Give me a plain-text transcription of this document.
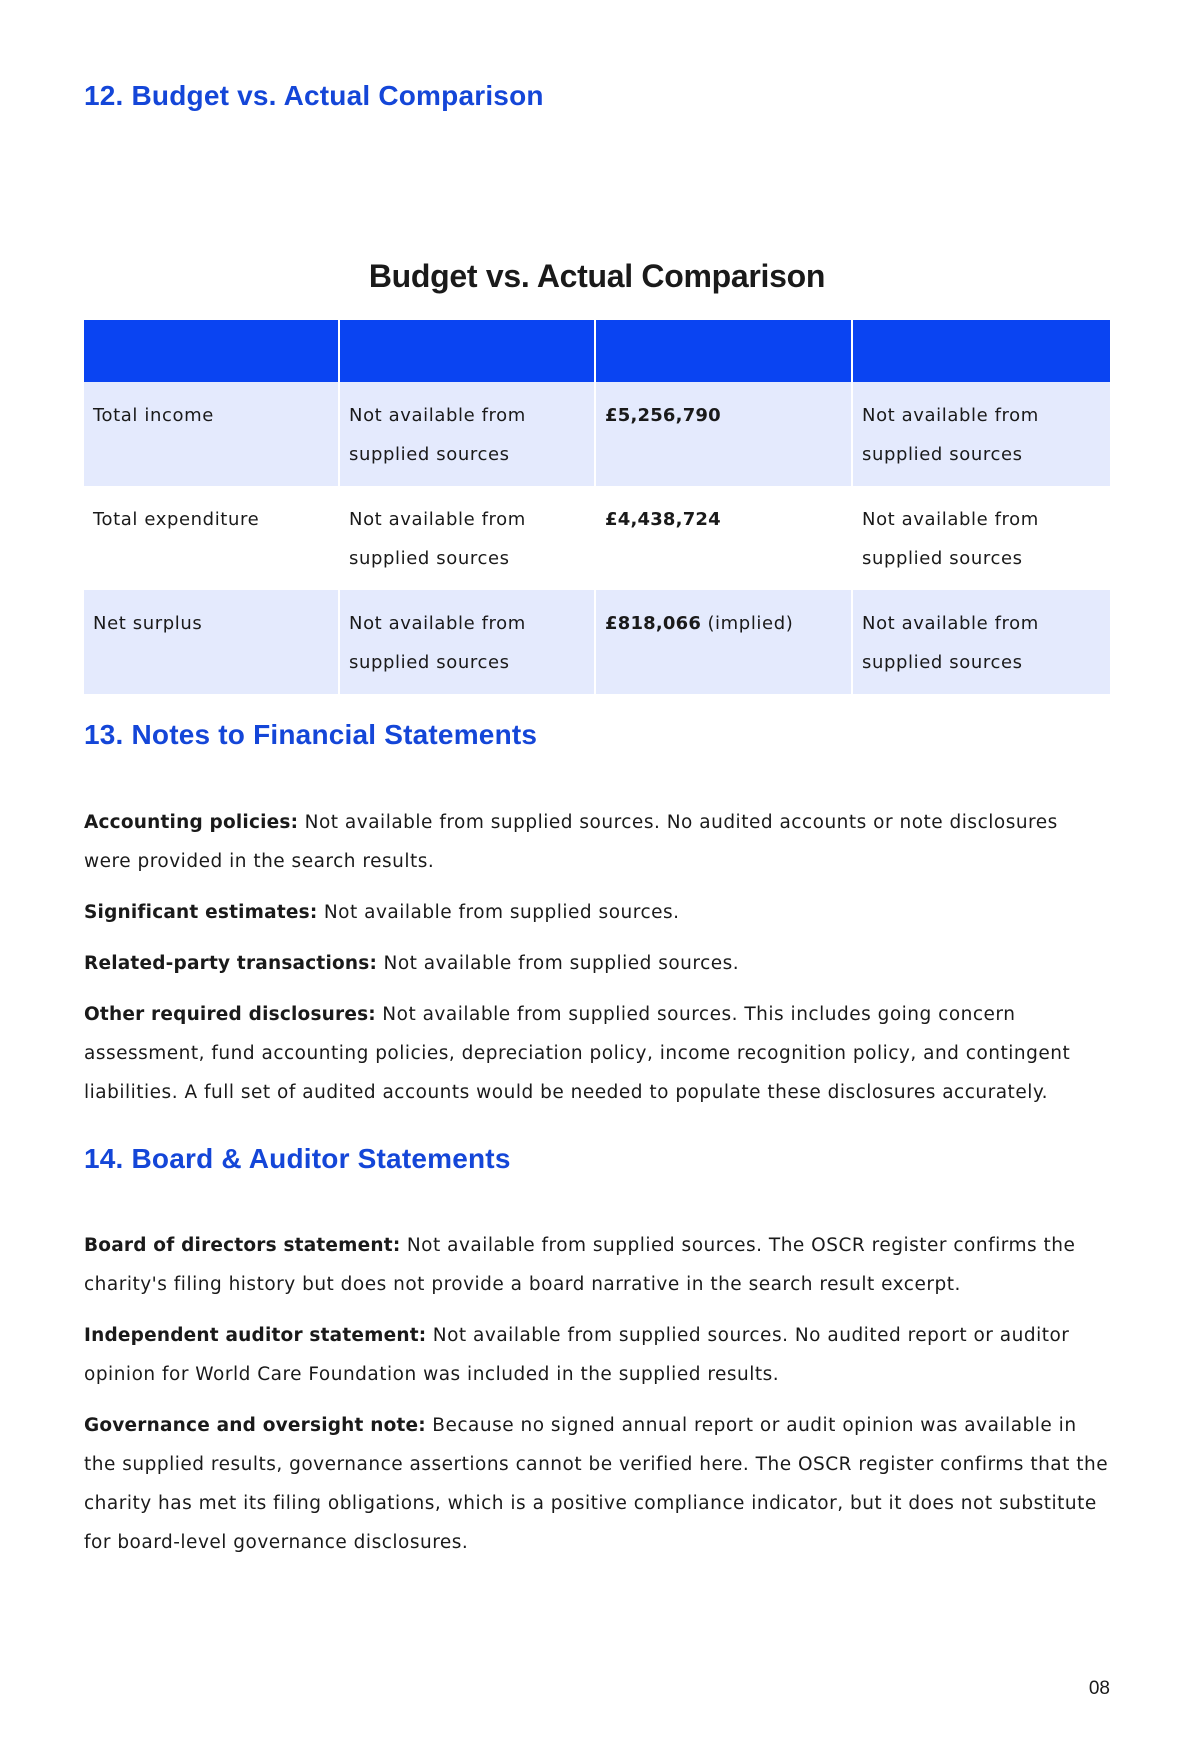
12. Budget vs. Actual Comparison
Budget vs. Actual Comparison

Total income	Not available from supplied sources	£5,256,790	Not available from supplied sources
Total expenditure	Not available from supplied sources	£4,438,724	Not available from supplied sources
Net surplus	Not available from supplied sources	£818,066 (implied)	Not available from supplied sources
13. Notes to Financial Statements

Accounting policies: Not available from supplied sources. No audited accounts or note disclosures were provided in the search results.

Significant estimates: Not available from supplied sources.

Related-party transactions: Not available from supplied sources.

Other required disclosures: Not available from supplied sources. This includes going concern assessment, fund accounting policies, depreciation policy, income recognition policy, and contingent liabilities. A full set of audited accounts would be needed to populate these disclosures accurately.

14. Board & Auditor Statements

Board of directors statement: Not available from supplied sources. The OSCR register confirms the charity's filing history but does not provide a board narrative in the search result excerpt.

Independent auditor statement: Not available from supplied sources. No audited report or auditor opinion for World Care Foundation was included in the supplied results.

Governance and oversight note: Because no signed annual report or audit opinion was available in the supplied results, governance assertions cannot be verified here. The OSCR register confirms that the charity has met its filing obligations, which is a positive compliance indicator, but it does not substitute for board-level governance disclosures.

08
